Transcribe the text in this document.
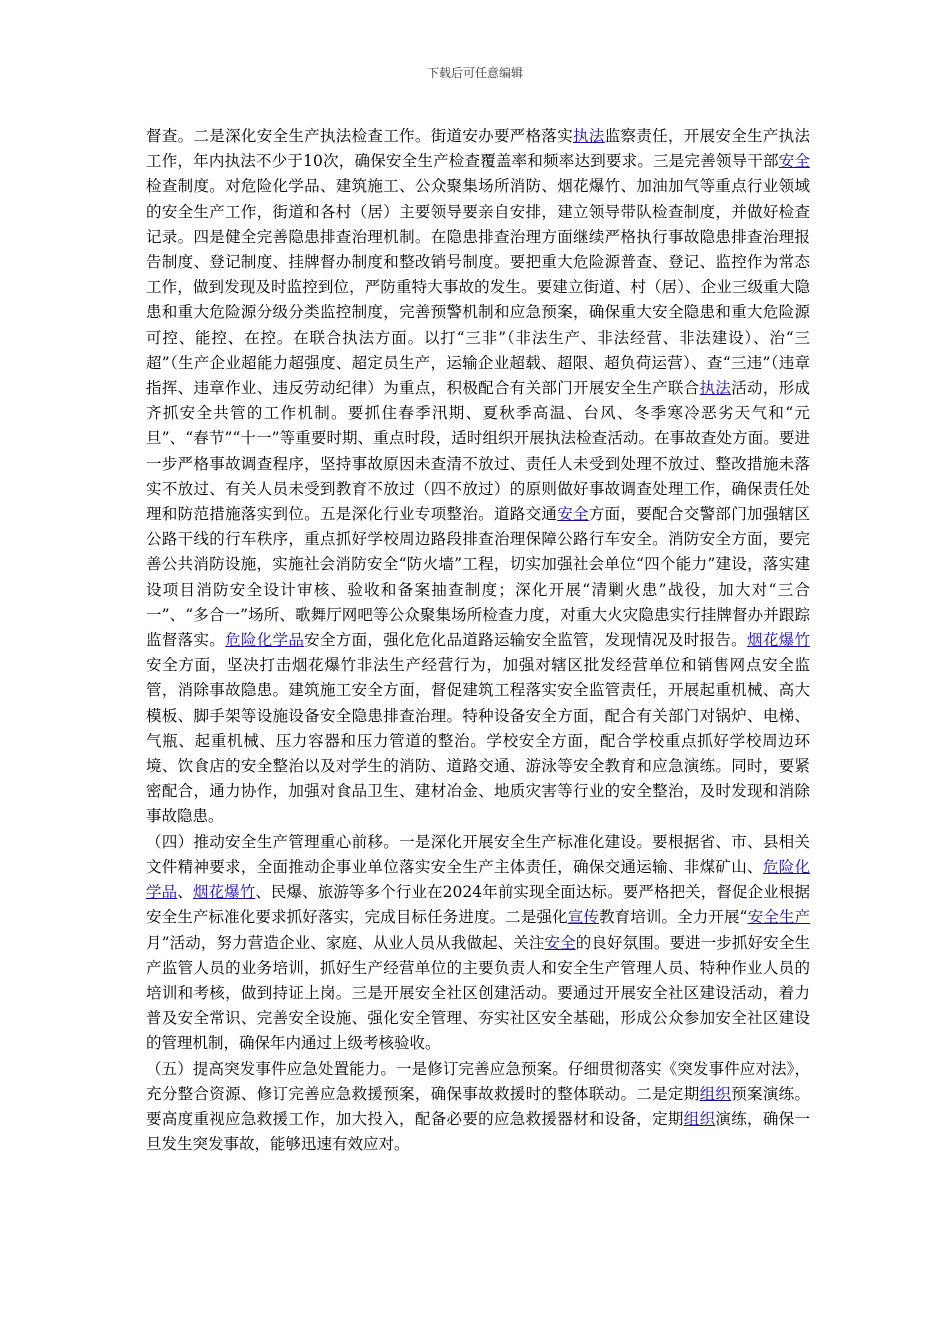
下载后可任意编辑

督查。二是深化安全生产执法检查工作。街道安办要严格落实执法监察责任，开展安全生产执法工作，年内执法不少于10次，确保安全生产检查覆盖率和频率达到要求。三是完善领导干部安全检查制度。对危险化学品、建筑施工、公众聚集场所消防、烟花爆竹、加油加气等重点行业领域的安全生产工作，街道和各村（居）主要领导要亲自安排，建立领导带队检查制度，并做好检查记录。四是健全完善隐患排查治理机制。在隐患排查治理方面继续严格执行事故隐患排查治理报告制度、登记制度、挂牌督办制度和整改销号制度。要把重大危险源普查、登记、监控作为常态工作，做到发现及时监控到位，严防重特大事故的发生。要建立街道、村（居）、企业三级重大隐患和重大危险源分级分类监控制度，完善预警机制和应急预案，确保重大安全隐患和重大危险源可控、能控、在控。在联合执法方面。以打“三非”（非法生产、非法经营、非法建设）、治“三超”（生产企业超能力超强度、超定员生产，运输企业超载、超限、超负荷运营）、查“三违”（违章指挥、违章作业、违反劳动纪律）为重点，积极配合有关部门开展安全生产联合执法活动，形成齐抓安全共管的工作机制。要抓住春季汛期、夏秋季高温、台风、冬季寒冷恶劣天气和“元旦”、“春节”“十一”等重要时期、重点时段，适时组织开展执法检查活动。在事故查处方面。要进一步严格事故调查程序，坚持事故原因未查清不放过、责任人未受到处理不放过、整改措施未落实不放过、有关人员未受到教育不放过（四不放过）的原则做好事故调查处理工作，确保责任处理和防范措施落实到位。五是深化行业专项整治。道路交通安全方面，要配合交警部门加强辖区公路干线的行车秩序，重点抓好学校周边路段排查治理保障公路行车安全。消防安全方面，要完善公共消防设施，实施社会消防安全“防火墙”工程，切实加强社会单位“四个能力”建设，落实建设项目消防安全设计审核、验收和备案抽查制度；深化开展“清剿火患”战役，加大对“三合一”、“多合一”场所、歌舞厅网吧等公众聚集场所检查力度，对重大火灾隐患实行挂牌督办并跟踪监督落实。危险化学品安全方面，强化危化品道路运输安全监管，发现情况及时报告。烟花爆竹安全方面，坚决打击烟花爆竹非法生产经营行为，加强对辖区批发经营单位和销售网点安全监管，消除事故隐患。建筑施工安全方面，督促建筑工程落实安全监管责任，开展起重机械、高大模板、脚手架等设施设备安全隐患排查治理。特种设备安全方面，配合有关部门对锅炉、电梯、气瓶、起重机械、压力容器和压力管道的整治。学校安全方面，配合学校重点抓好学校周边环境、饮食店的安全整治以及对学生的消防、道路交通、游泳等安全教育和应急演练。同时，要紧密配合，通力协作，加强对食品卫生、建材冶金、地质灾害等行业的安全整治，及时发现和消除事故隐患。

（四）推动安全生产管理重心前移。一是深化开展安全生产标准化建设。要根据省、市、县相关文件精神要求，全面推动企事业单位落实安全生产主体责任，确保交通运输、非煤矿山、危险化学品、烟花爆竹、民爆、旅游等多个行业在2024年前实现全面达标。要严格把关，督促企业根据安全生产标准化要求抓好落实，完成目标任务进度。二是强化宣传教育培训。全力开展“安全生产月”活动，努力营造企业、家庭、从业人员从我做起、关注安全的良好氛围。要进一步抓好安全生产监管人员的业务培训，抓好生产经营单位的主要负责人和安全生产管理人员、特种作业人员的培训和考核，做到持证上岗。三是开展安全社区创建活动。要通过开展安全社区建设活动，着力普及安全常识、完善安全设施、强化安全管理、夯实社区安全基础，形成公众参加安全社区建设的管理机制，确保年内通过上级考核验收。

（五）提高突发事件应急处置能力。一是修订完善应急预案。仔细贯彻落实《突发事件应对法》，充分整合资源、修订完善应急救援预案，确保事故救援时的整体联动。二是定期组织预案演练。要高度重视应急救援工作，加大投入，配备必要的应急救援器材和设备，定期组织演练，确保一旦发生突发事故，能够迅速有效应对。
